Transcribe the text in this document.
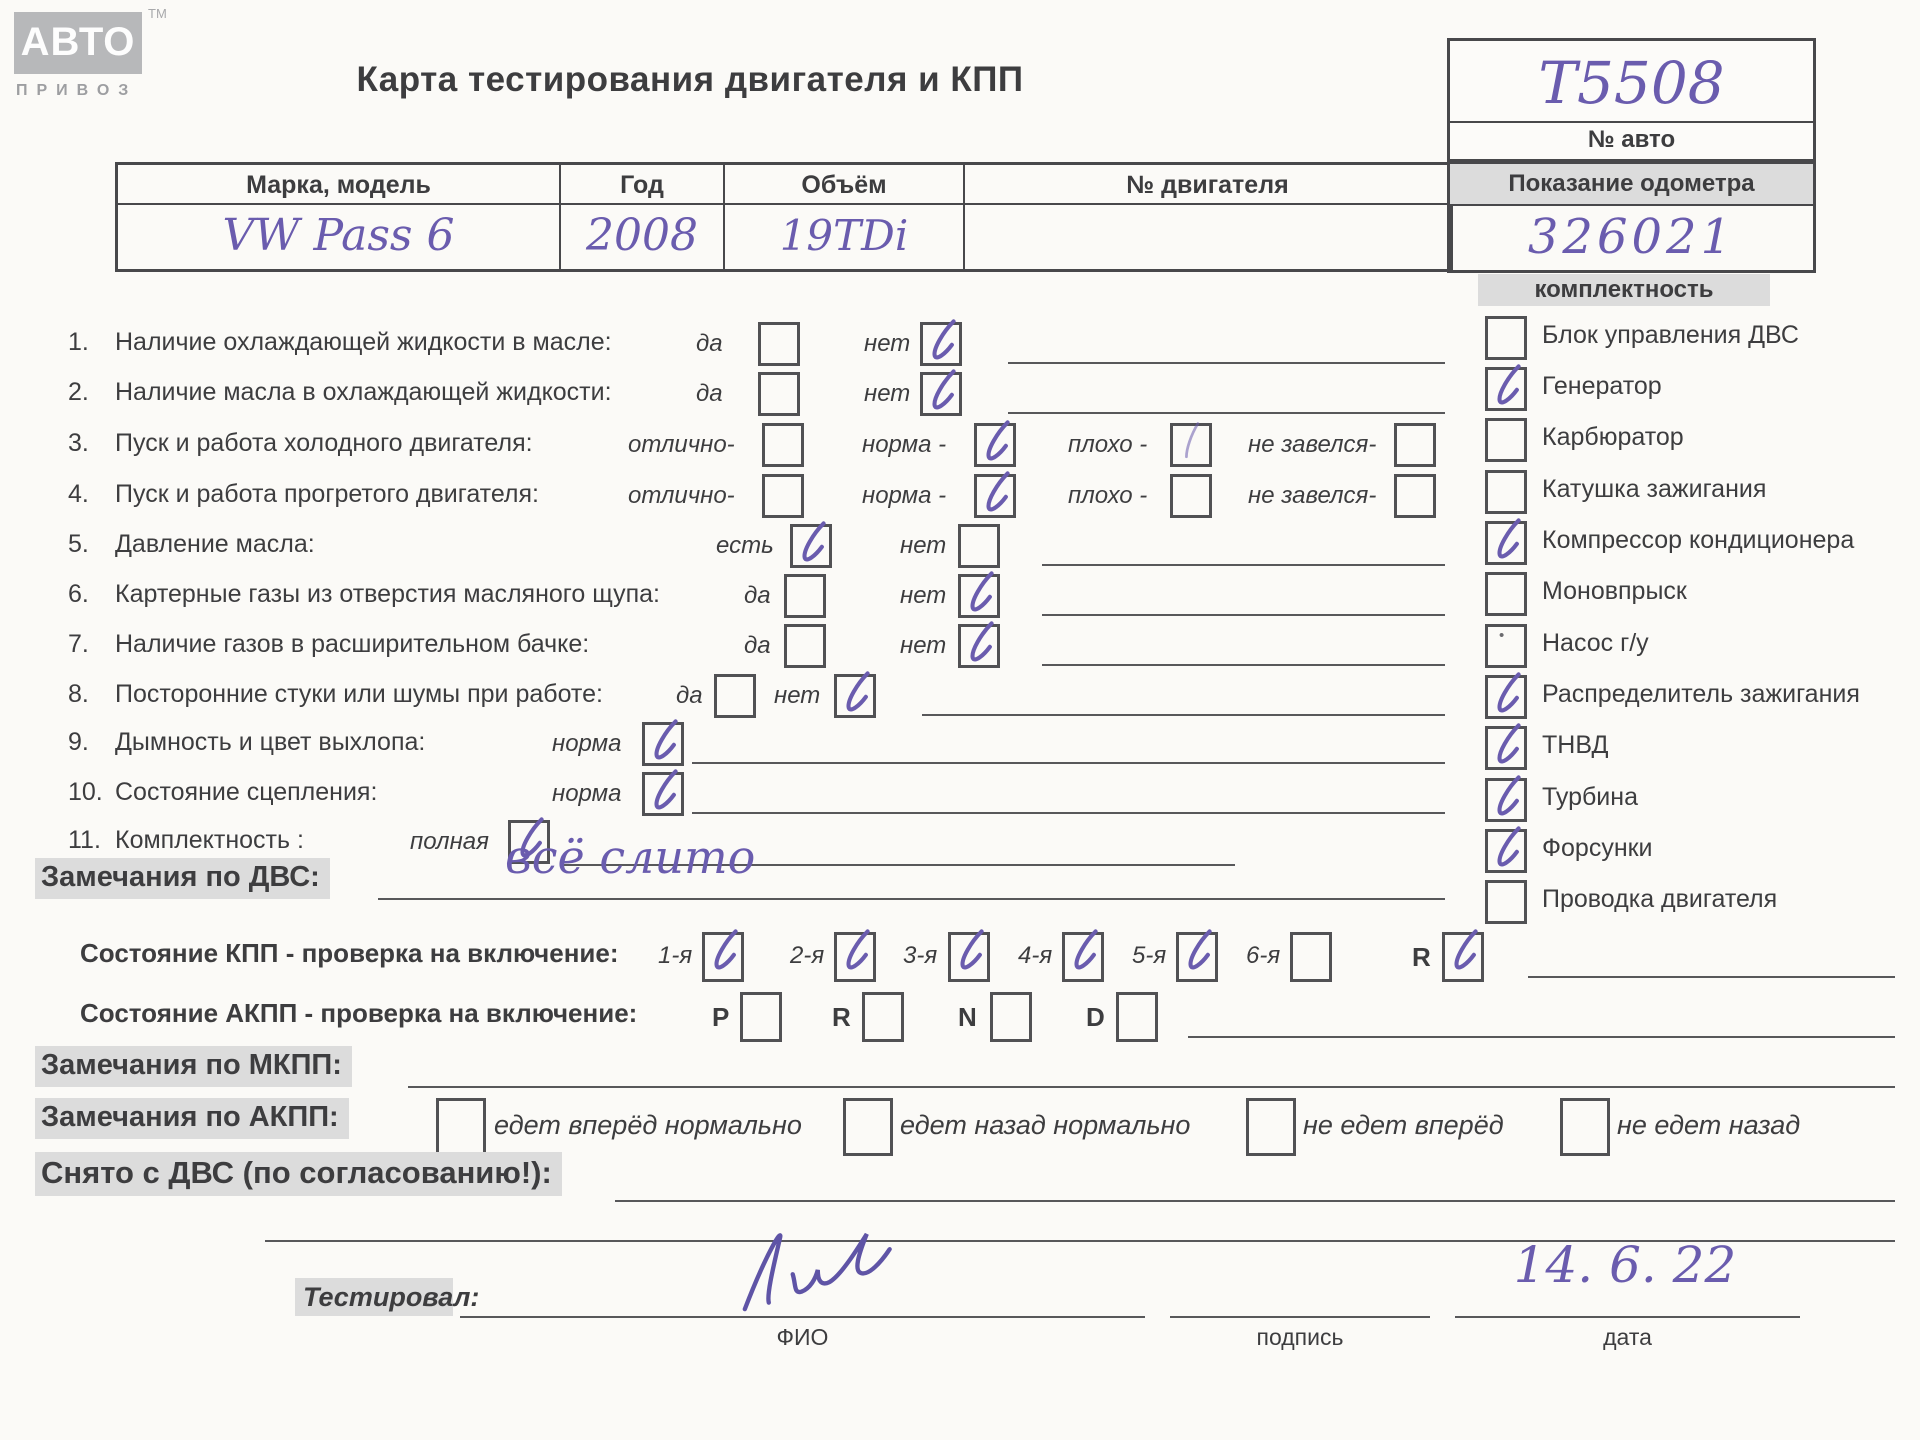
АВТО
ТМ
ПРИВОЗ	Карта тестирования двигателя и КПП	T5508
№ авто
Марка, модель	Год	Объём	№ двигателя
VW Pass 6	2008	19TDi
Показание одометра
326021
комплектность
Блок управления ДВС
Генератор
Карбюратор
Катушка зажигания
Компрессор кондиционера
Моновпрыск
•
Насос г/у
Распределитель зажигания
ТНВД
Турбина
Форсунки
Проводка двигателя
1. Наличие охлаждающей жидкости в масле:	да	нет
2. Наличие масла в охлаждающей жидкости:	да	нет
3. Пуск и работа холодного двигателя:	отлично-	норма -	плохо -	не завелся-
4. Пуск и работа прогретого двигателя:	отлично-	норма -	плохо -	не завелся-
5. Давление масла:	есть	нет
6. Картерные газы из отверстия масляного щупа:	да	нет
7. Наличие газов в расширительном бачке:	да	нет
8. Посторонние стуки или шумы при работе:	да	нет
9. Дымность и цвет выхлопа:	норма
10. Состояние сцепления:	норма
11. Комплектность :	полная
Замечания по ДВС:	всё слито
Состояние КПП - проверка на включение: 1-я	2-я	3-я	4-я	5-я	6-я	R
Состояние АКПП - проверка на включение:	P	R	N	D
Замечания по МКПП:
Замечания по АКПП:	едет вперёд нормально	едет назад нормально	не едет вперёд	не едет назад
Снято с ДВС (по согласованию!):
Тестировал:
ФИО	подпись
14. 6. 22
дата
